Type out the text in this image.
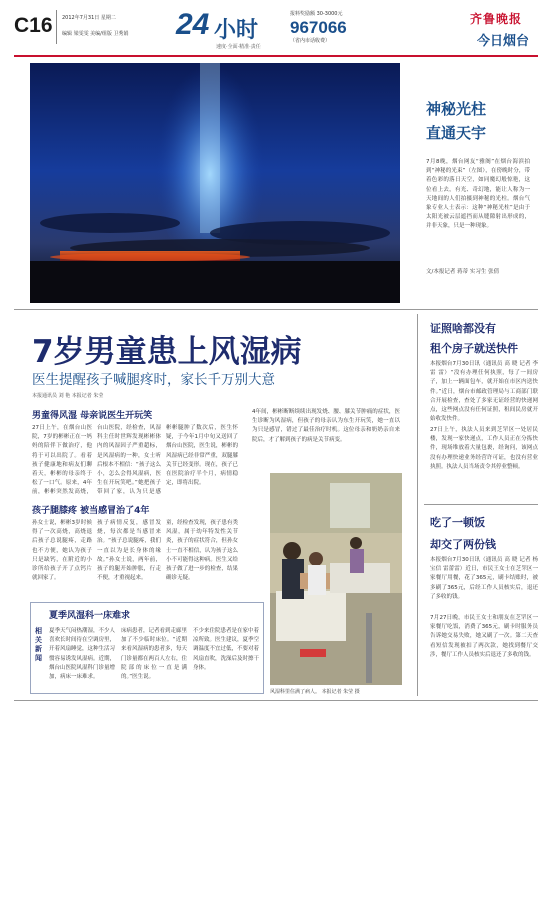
C16 2012年7月31日 星期二
编辑 梁雯雯 美编/组版 卫秀娟 24 小时
速度·全面·精准·责任
报料奖励额 30-3000元
967066
（省内市话收费）
齐鲁晚报
今日烟台
神秘光柱
直通天宇
7月8晚，烟台网友“雅阁”在烟台海滨拍到“神秘的光束”（左图），在傍晚时分，带着色彩的落日天空，如同魔幻般惊艳，这位看上去，有光、奇幻地，能让人称为一天地间的人们拍摄到神秘的光柱。烟台气象专业人士表示：这种“神秘光柱”是由于太阳光被云层遮挡而从缝隙射出形成的，并非天象，只是一种现象。
文/本报记者 蒋蒂 实习生 张倩
7岁男童患上风湿病
医生提醒孩子喊腿疼时，家长千万别大意
本报通讯员 刘 艳 本报记者 朱莹
男童得风湿 母亲说医生开玩笑
27日上午，在烟台山医院，7岁的彬彬正在一妈妈的陪伴下做治疗，他将于可以出院了。看着孩子健康地和病友们聊着天，彬彬的母亲终于松了一口气。原来，4年前，彬彬突然发高烧，
台山医院，经检查，风湿科主任时世辉发现彬彬体内的风湿因子严重超标，是风湿病的一种，女士听后根本不相信：“孩子这么小，怎么会得风湿病，医生在开玩笑吧。”她把孩子带回了家，认为只是感
彬彬腿肿了数次后，医生怀疑，于今年1月中旬又送回了烟台山医院，医生说，彬彬的风湿病已经非常严重，双腿膝关节已经变形。现在，孩子已在医院治疗半个月，病情稳定，即将出院。
孩子腿膝疼 被当感冒治了4年
孙女士说，彬彬3岁时候得了一次高烧，高烧退后孩子总说腿疼，走路也不方便，她认为孩子只是缺钙，在附近的小诊所给孩子开了点钙片就回家了。
孩子病情反复，感冒发烧，每次都是当感冒来治。“孩子总说腿疼，我们一直以为是长身体的缘故。”孙女士说，两年前，孩子的腿开始肿胀，行走不便，才重视起来。
童，经检查发现，孩子患有类风湿，属于幼年特发性关节炎，孩子的症状符合，但孙女士一直不相信，认为孩子这么小不可能得这种病。医生又给孩子做了进一步的检查，结果确诊无疑。
4年间，彬彬断断续续出现发烧、腰、膝关节肿痛的症状，医生诊断为风湿病，但孩子的母亲认为东生开玩笑，她一直以为只是感冒，错过了最佳治疗时机。这位母亲和奶奶亲自来院后，才了解到孩子的病是关节病变。
风湿科里住满了病人。 本报记者 朱莹 摄
夏季风湿科一床难求
相关新闻
夏季天气闷热潮湿，不少人喜欢长时间待在空调房里，开着风扇睡觉，这种生活习惯容易诱发风湿病。近期，烟台山医院风湿科门诊量增加，病床一床难求。
床病患者，记者看到走廊里加了不少临时床位。“近期来看风湿病的患者多，每天门诊量都在两百人左右，住院部的床位一直是满的。”医生说。
不少来住院患者是在家中着凉所致。医生建议，夏季空调温度不宜过低，不要对着风扇直吹，洗澡后及时擦干身体。
证照啥都没有
租个房子就送快件
本报烟台7月30日讯（通讯员 高 晓 记者 李 雷 雷）“没有办理任何执照，每了一间房子，加上一辆面包车，就开始在市区内送快件。”近日，烟台市邮政管理局与工商部门联合开展检查，查处了多家无证经营的快递网点，这些网点没有任何证照，租间民房就开始收发快件。
27日上午，执法人员来到芝罘区一处居民楼，发现一家快递点，工作人员正在分拣快件，现场堆放着大量包裹，经询问，该网点没有办理快递业务经营许可证，也没有营业执照。执法人员当场责令其停业整顿。
吃了一顿饭
却交了两份钱
本报烟台7月30日讯（通讯员 高 晓 记者 杨宝信 雷蕾雷）近日，市民王女士在芝罘区一家餐厅用餐，花了365元，刷卡结账时，被多刷了365元，后经工作人员核实后，退还了多收的钱。
7月27日晚，市民王女士和朋友在芝罘区一家餐厅吃饭，消费了365元，刷卡时服务员告诉她交易失败，她又刷了一次。第二天查看短信发现被扣了两次款，她找到餐厅交涉，餐厅工作人员核实后退还了多收的钱。
